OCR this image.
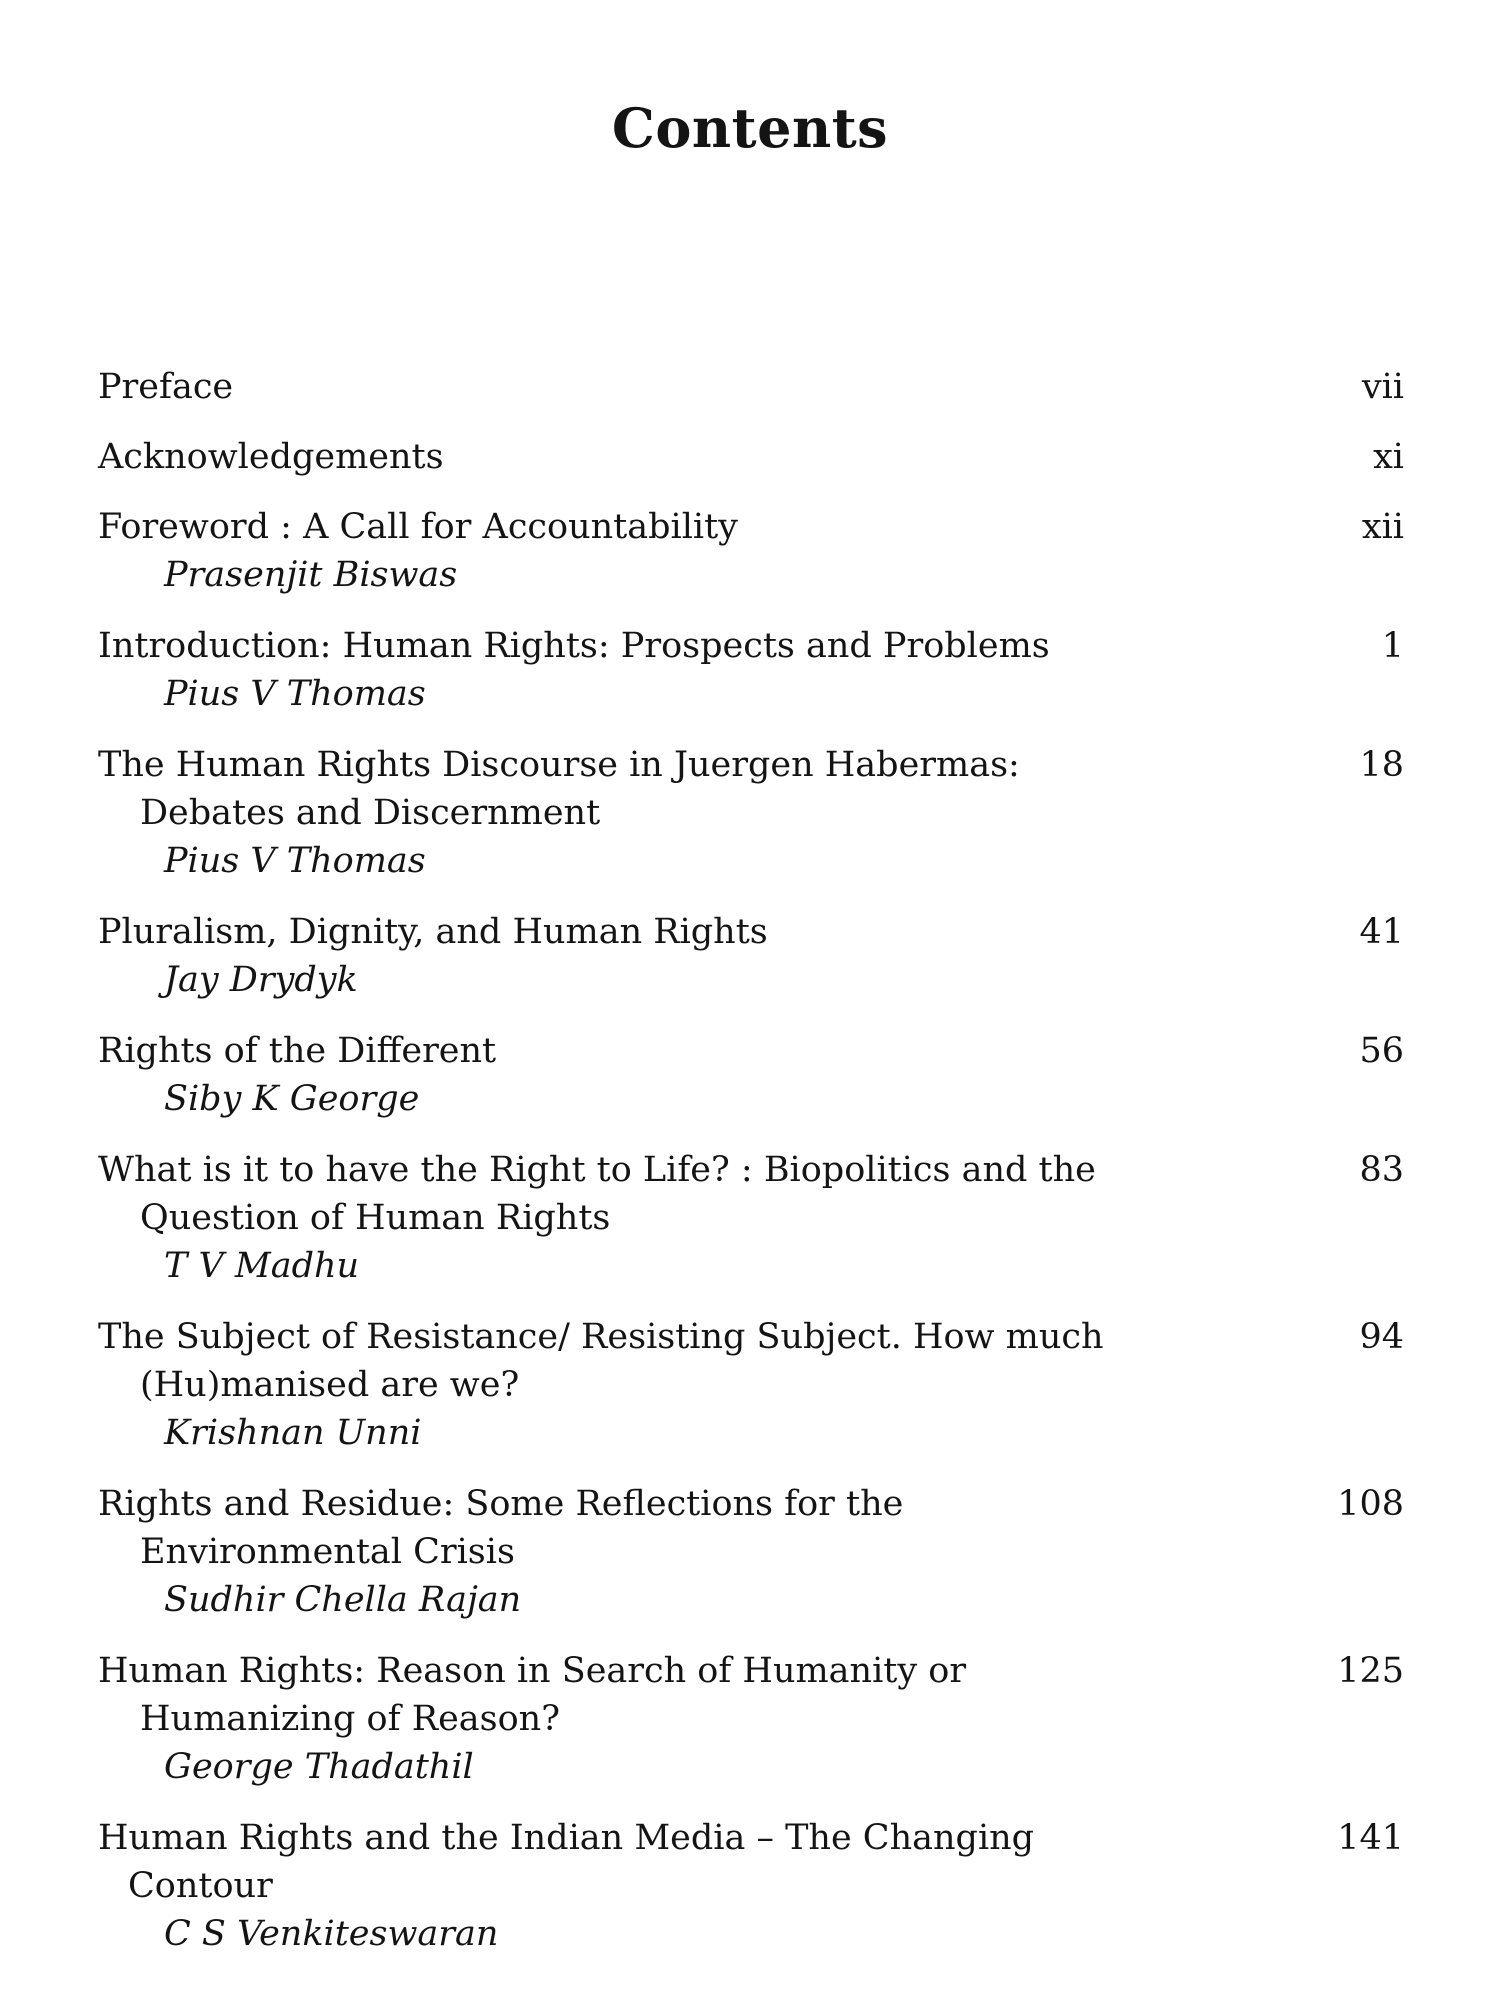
Contents
Preface	vii
Acknowledgements	xi
Foreword : A Call for Accountability
Prasenjit Biswas
xii
Introduction: Human Rights: Prospects and Problems
Pius V Thomas
1
The Human Rights Discourse in Juergen Habermas:
Debates and Discernment
Pius V Thomas
18
Pluralism, Dignity, and Human Rights
Jay Drydyk
41
Rights of the Different
Siby K George
56
What is it to have the Right to Life? : Biopolitics and the
Question of Human Rights
T V Madhu
83
The Subject of Resistance/ Resisting Subject. How much
(Hu)manised are we?
Krishnan Unni
94
Rights and Residue: Some Reflections for the
Environmental Crisis
Sudhir Chella Rajan
108
Human Rights: Reason in Search of Humanity or
Humanizing of Reason?
George Thadathil
125
Human Rights and the Indian Media – The Changing
Contour
C S Venkiteswaran
141
